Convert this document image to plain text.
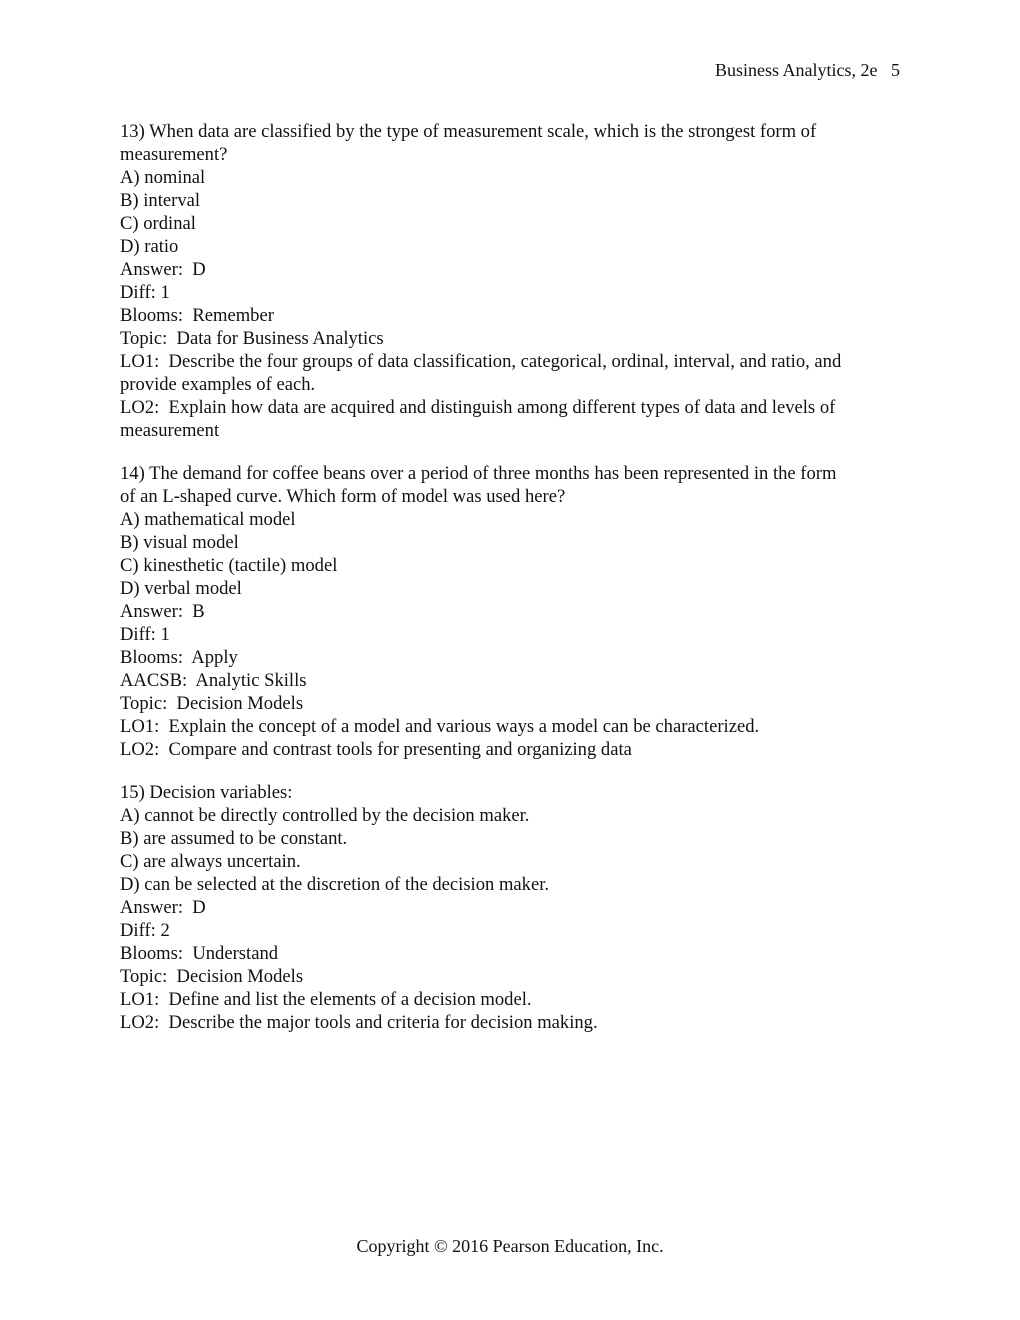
Business Analytics, 2e   5
13) When data are classified by the type of measurement scale, which is the strongest form of
measurement?
A) nominal
B) interval
C) ordinal
D) ratio
Answer:  D
Diff: 1
Blooms:  Remember
Topic:  Data for Business Analytics
LO1:  Describe the four groups of data classification, categorical, ordinal, interval, and ratio, and
provide examples of each.
LO2:  Explain how data are acquired and distinguish among different types of data and levels of
measurement
14) The demand for coffee beans over a period of three months has been represented in the form
of an L-shaped curve. Which form of model was used here?
A) mathematical model
B) visual model
C) kinesthetic (tactile) model
D) verbal model
Answer:  B
Diff: 1
Blooms:  Apply
AACSB:  Analytic Skills
Topic:  Decision Models
LO1:  Explain the concept of a model and various ways a model can be characterized.
LO2:  Compare and contrast tools for presenting and organizing data
15) Decision variables:
A) cannot be directly controlled by the decision maker.
B) are assumed to be constant.
C) are always uncertain.
D) can be selected at the discretion of the decision maker.
Answer:  D
Diff: 2
Blooms:  Understand
Topic:  Decision Models
LO1:  Define and list the elements of a decision model.
LO2:  Describe the major tools and criteria for decision making.
Copyright © 2016 Pearson Education, Inc.
